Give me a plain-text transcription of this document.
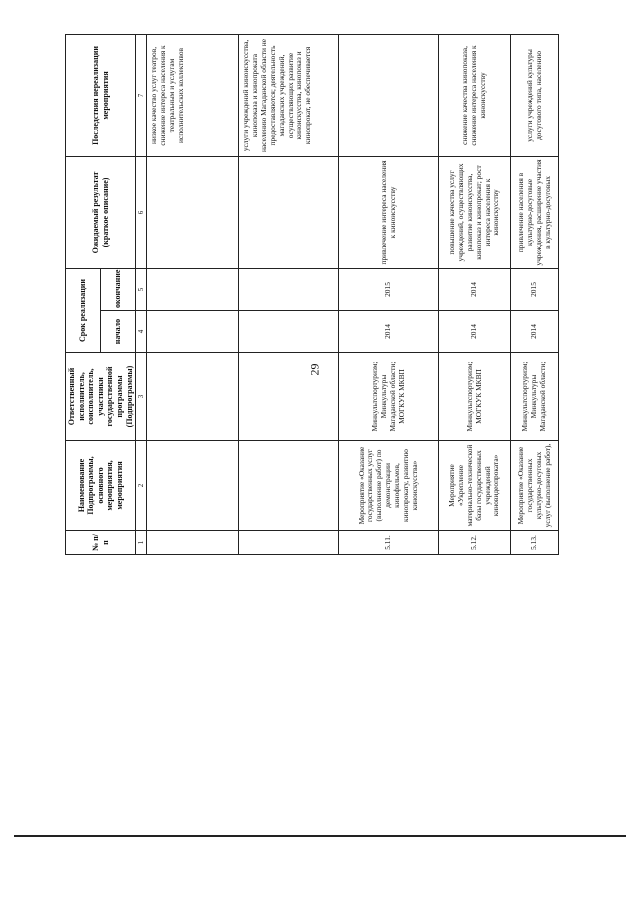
29
№ п/п	Наименование Подпрограммы, основного мероприятия, мероприятия	Ответственный исполнитель, соисполнитель, участники государственной программы (Подпрограммы)	Срок реализации		Ожидаемый результат (краткое описание)	Последствия нереализации мероприятия
			начало	окончание		
1	2	3	4	5	6	7
						низкое качество услуг театров, снижение интереса населения к театральным и услугам исполнительских коллективов
						услуги учреждений киноискусства, кинопоказа и кинопроката населению Магаданской области не предоставляются; деятельность магаданских учреждений, осуществляющих развитие киноискусства, кинопоказ и кинопрокат, не обеспечивается
5.11.	Мероприятие «Оказание государственных услуг (выполнение работ) по демонстрации кинофильмов, кинопрокату, развитию киноискусства»	Минкультспортуризм; Минкультуры Магаданской области; МОГКУК МКВП	2014	2015	привлечение интереса населения к киноискусству	
5.12.	Мероприятие «Укрепление материально-технической базы государственных учреждений киновидеопроката»	Минкультспортуризм; МОГКУК МКВП	2014	2014	повышение качества услуг учреждений, осуществляющих развитие киноискусства, кинопоказ и кинопрокат; рост интереса населения к киноискусству	снижение качества кинопоказа, снижение интереса населения к киноискусству
5.13.	Мероприятие «Оказание государственных культурно-досуговых услуг (выполнение работ),	Минкультспортуризм; Минкультуры Магаданской области;	2014	2015	привлечение населения в культурно-досуговые учреждения, расширение участия в культурно-досуговых	услуги учреждений культуры досугового типа, населению
